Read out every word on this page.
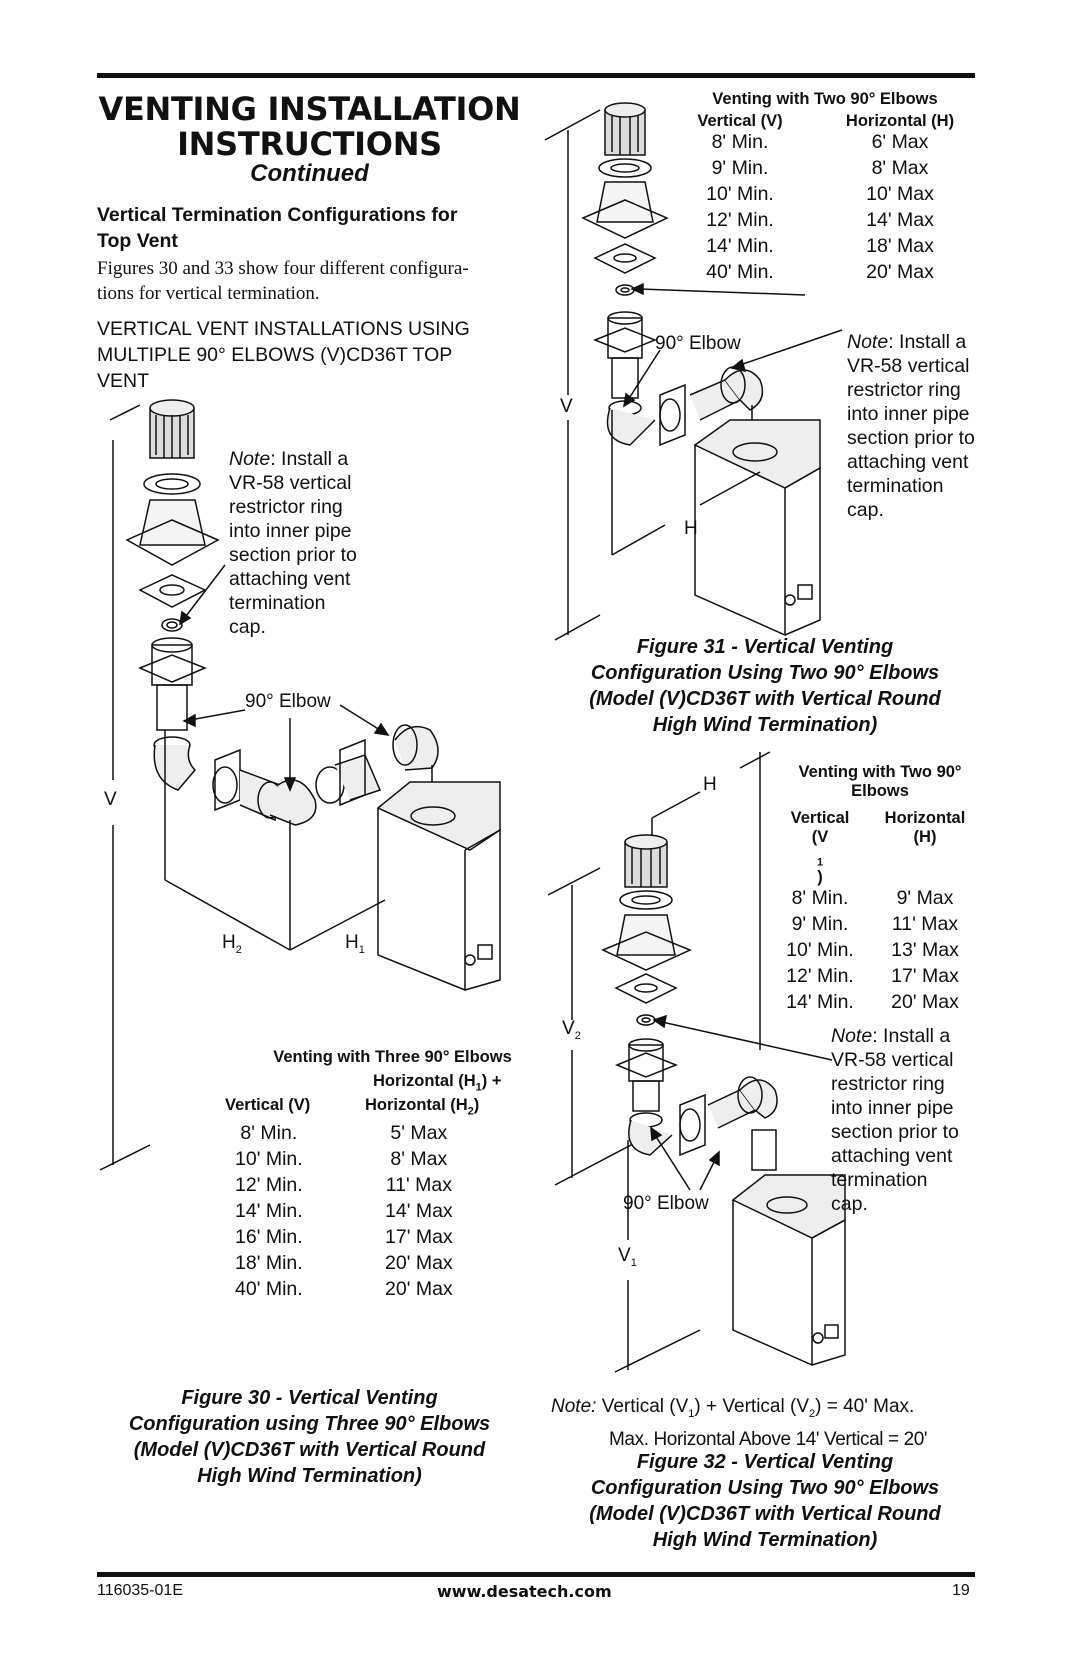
VENTING INSTALLATION
INSTRUCTIONS
Continued
Vertical Termination Configurations for
Top Vent
Figures 30 and 33 show four different configura-
tions for vertical termination.
VERTICAL VENT INSTALLATIONS USING
MULTIPLE 90° ELBOWS (V)CD36T TOP
VENT
Note: Install a
VR-58 vertical
restrictor ring
into inner pipe
section prior to
attaching vent
termination
cap.
90° Elbow
V
$H_2$	$H_1$
Venting with Three 90° Elbows
Horizontal $(H_1)$ +
Vertical (V)	Horizontal $(H_2)$
8' Min.	5' Max
10' Min.	8' Max
12' Min.	11' Max
14' Min.	14' Max
16' Min.	17' Max
18' Min.	20' Max
40' Min.	20' Max
Figure 30 - Vertical Venting
Configuration using Three 90° Elbows
(Model (V)CD36T with Vertical Round
High Wind Termination)
Venting with Two 90° Elbows
Vertical (V)	Horizontal (H)
8' Min.	6' Max
9' Min.	8' Max
10' Min.	10' Max
12' Min.	14' Max
14' Min.	18' Max
40' Min.	20' Max
90° Elbow
V
H
Note: Install a
VR-58 vertical
restrictor ring
into inner pipe
section prior to
attaching vent
termination
cap.
Figure 31 - Vertical Venting
Configuration Using Two 90° Elbows
(Model (V)CD36T with Vertical Round
High Wind Termination)
H
$V_2$
$V_1$
90° Elbow
Venting with Two 90°
Elbows
Vertical	Horizontal
(V
$_1$
)
(H)
8' Min.	9' Max
9' Min.	11' Max
10' Min.	13' Max
12' Min.	17' Max
14' Min.	20' Max
Note: Install a
VR-58 vertical
restrictor ring
into inner pipe
section prior to
attaching vent
termination
cap.
Note: Vertical $(V_1)$ + Vertical $(V_2) = 40'$ Max.
Max. Horizontal Above 14' Vertical = 20'
Figure 32 - Vertical Venting
Configuration Using Two 90° Elbows
(Model (V)CD36T with Vertical Round
High Wind Termination)
116035-01E	www.desatech.com	19
